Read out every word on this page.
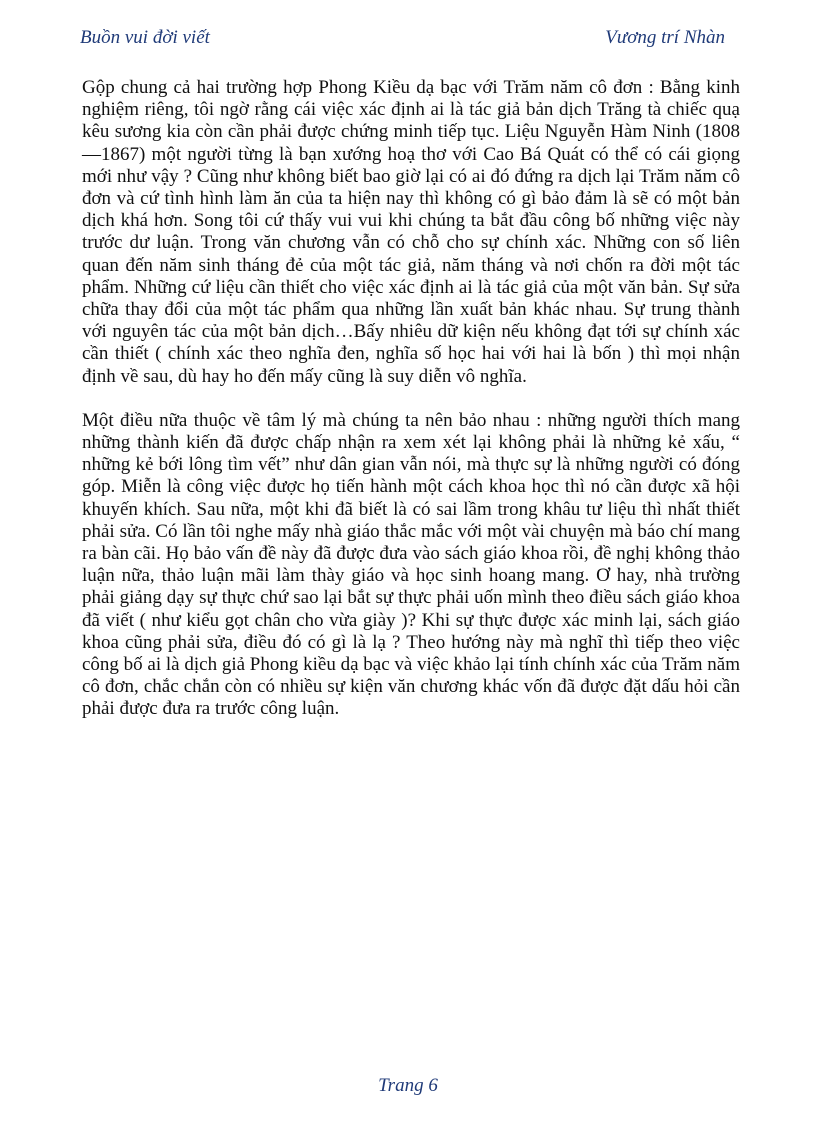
Buồn vui đời viết	Vương trí Nhàn

Gộp chung cả hai trường hợp Phong Kiều dạ bạc với Trăm năm cô đơn : Bằng kinh nghiệm riêng, tôi ngờ rằng cái việc xác định ai là tác giả bản dịch Trăng tà chiếc quạ kêu sương kia còn cần phải được chứng minh tiếp tục. Liệu Nguyễn Hàm Ninh (1808—1867) một người từng là bạn xướng hoạ thơ với Cao Bá Quát có thể có cái giọng mới như vậy ? Cũng như không biết bao giờ lại có ai đó đứng ra dịch lại Trăm năm cô đơn và cứ tình hình làm ăn của ta hiện nay thì không có gì bảo đảm là sẽ có một bản dịch khá hơn. Song tôi cứ thấy vui vui khi chúng ta bắt đầu công bố những việc này trước dư luận. Trong văn chương vẫn có chỗ cho sự chính xác. Những con số liên quan đến năm sinh tháng đẻ của một tác giả, năm tháng và nơi chốn ra đời một tác phẩm. Những cứ liệu cần thiết cho việc xác định ai là tác giả của một văn bản. Sự sửa chữa thay đổi của một tác phẩm qua những lần xuất bản khác nhau. Sự trung thành với nguyên tác của một bản dịch…Bấy nhiêu dữ kiện nếu không đạt tới sự chính xác cần thiết ( chính xác theo nghĩa đen, nghĩa số học hai với hai là bốn ) thì mọi nhận định về sau, dù hay ho đến mấy cũng là suy diễn vô nghĩa.

Một điều nữa thuộc về tâm lý mà chúng ta nên bảo nhau : những người thích mang những thành kiến đã được chấp nhận ra xem xét lại không phải là những kẻ xấu, “ những kẻ bới lông tìm vết” như dân gian vẫn nói, mà thực sự là những người có đóng góp. Miễn là công việc được họ tiến hành một cách khoa học thì nó cần được xã hội khuyến khích. Sau nữa, một khi đã biết là có sai lầm trong khâu tư liệu thì nhất thiết phải sửa. Có lần tôi nghe mấy nhà giáo thắc mắc với một vài chuyện mà báo chí mang ra bàn cãi. Họ bảo vấn đề này đã được đưa vào sách giáo khoa rồi, đề nghị không thảo luận nữa, thảo luận mãi làm thày giáo và học sinh hoang mang. Ơ hay, nhà trường phải giảng dạy sự thực chứ sao lại bắt sự thực phải uốn mình theo điều sách giáo khoa đã viết ( như kiểu gọt chân cho vừa giày )? Khi sự thực được xác minh lại, sách giáo khoa cũng phải sửa, điều đó có gì là lạ ? Theo hướng này mà nghĩ thì tiếp theo việc công bố ai là dịch giả Phong kiều dạ bạc và việc khảo lại tính chính xác của Trăm năm cô đơn, chắc chắn còn có nhiều sự kiện văn chương khác vốn đã được đặt dấu hỏi cần phải được đưa ra trước công luận.

Trang 6
